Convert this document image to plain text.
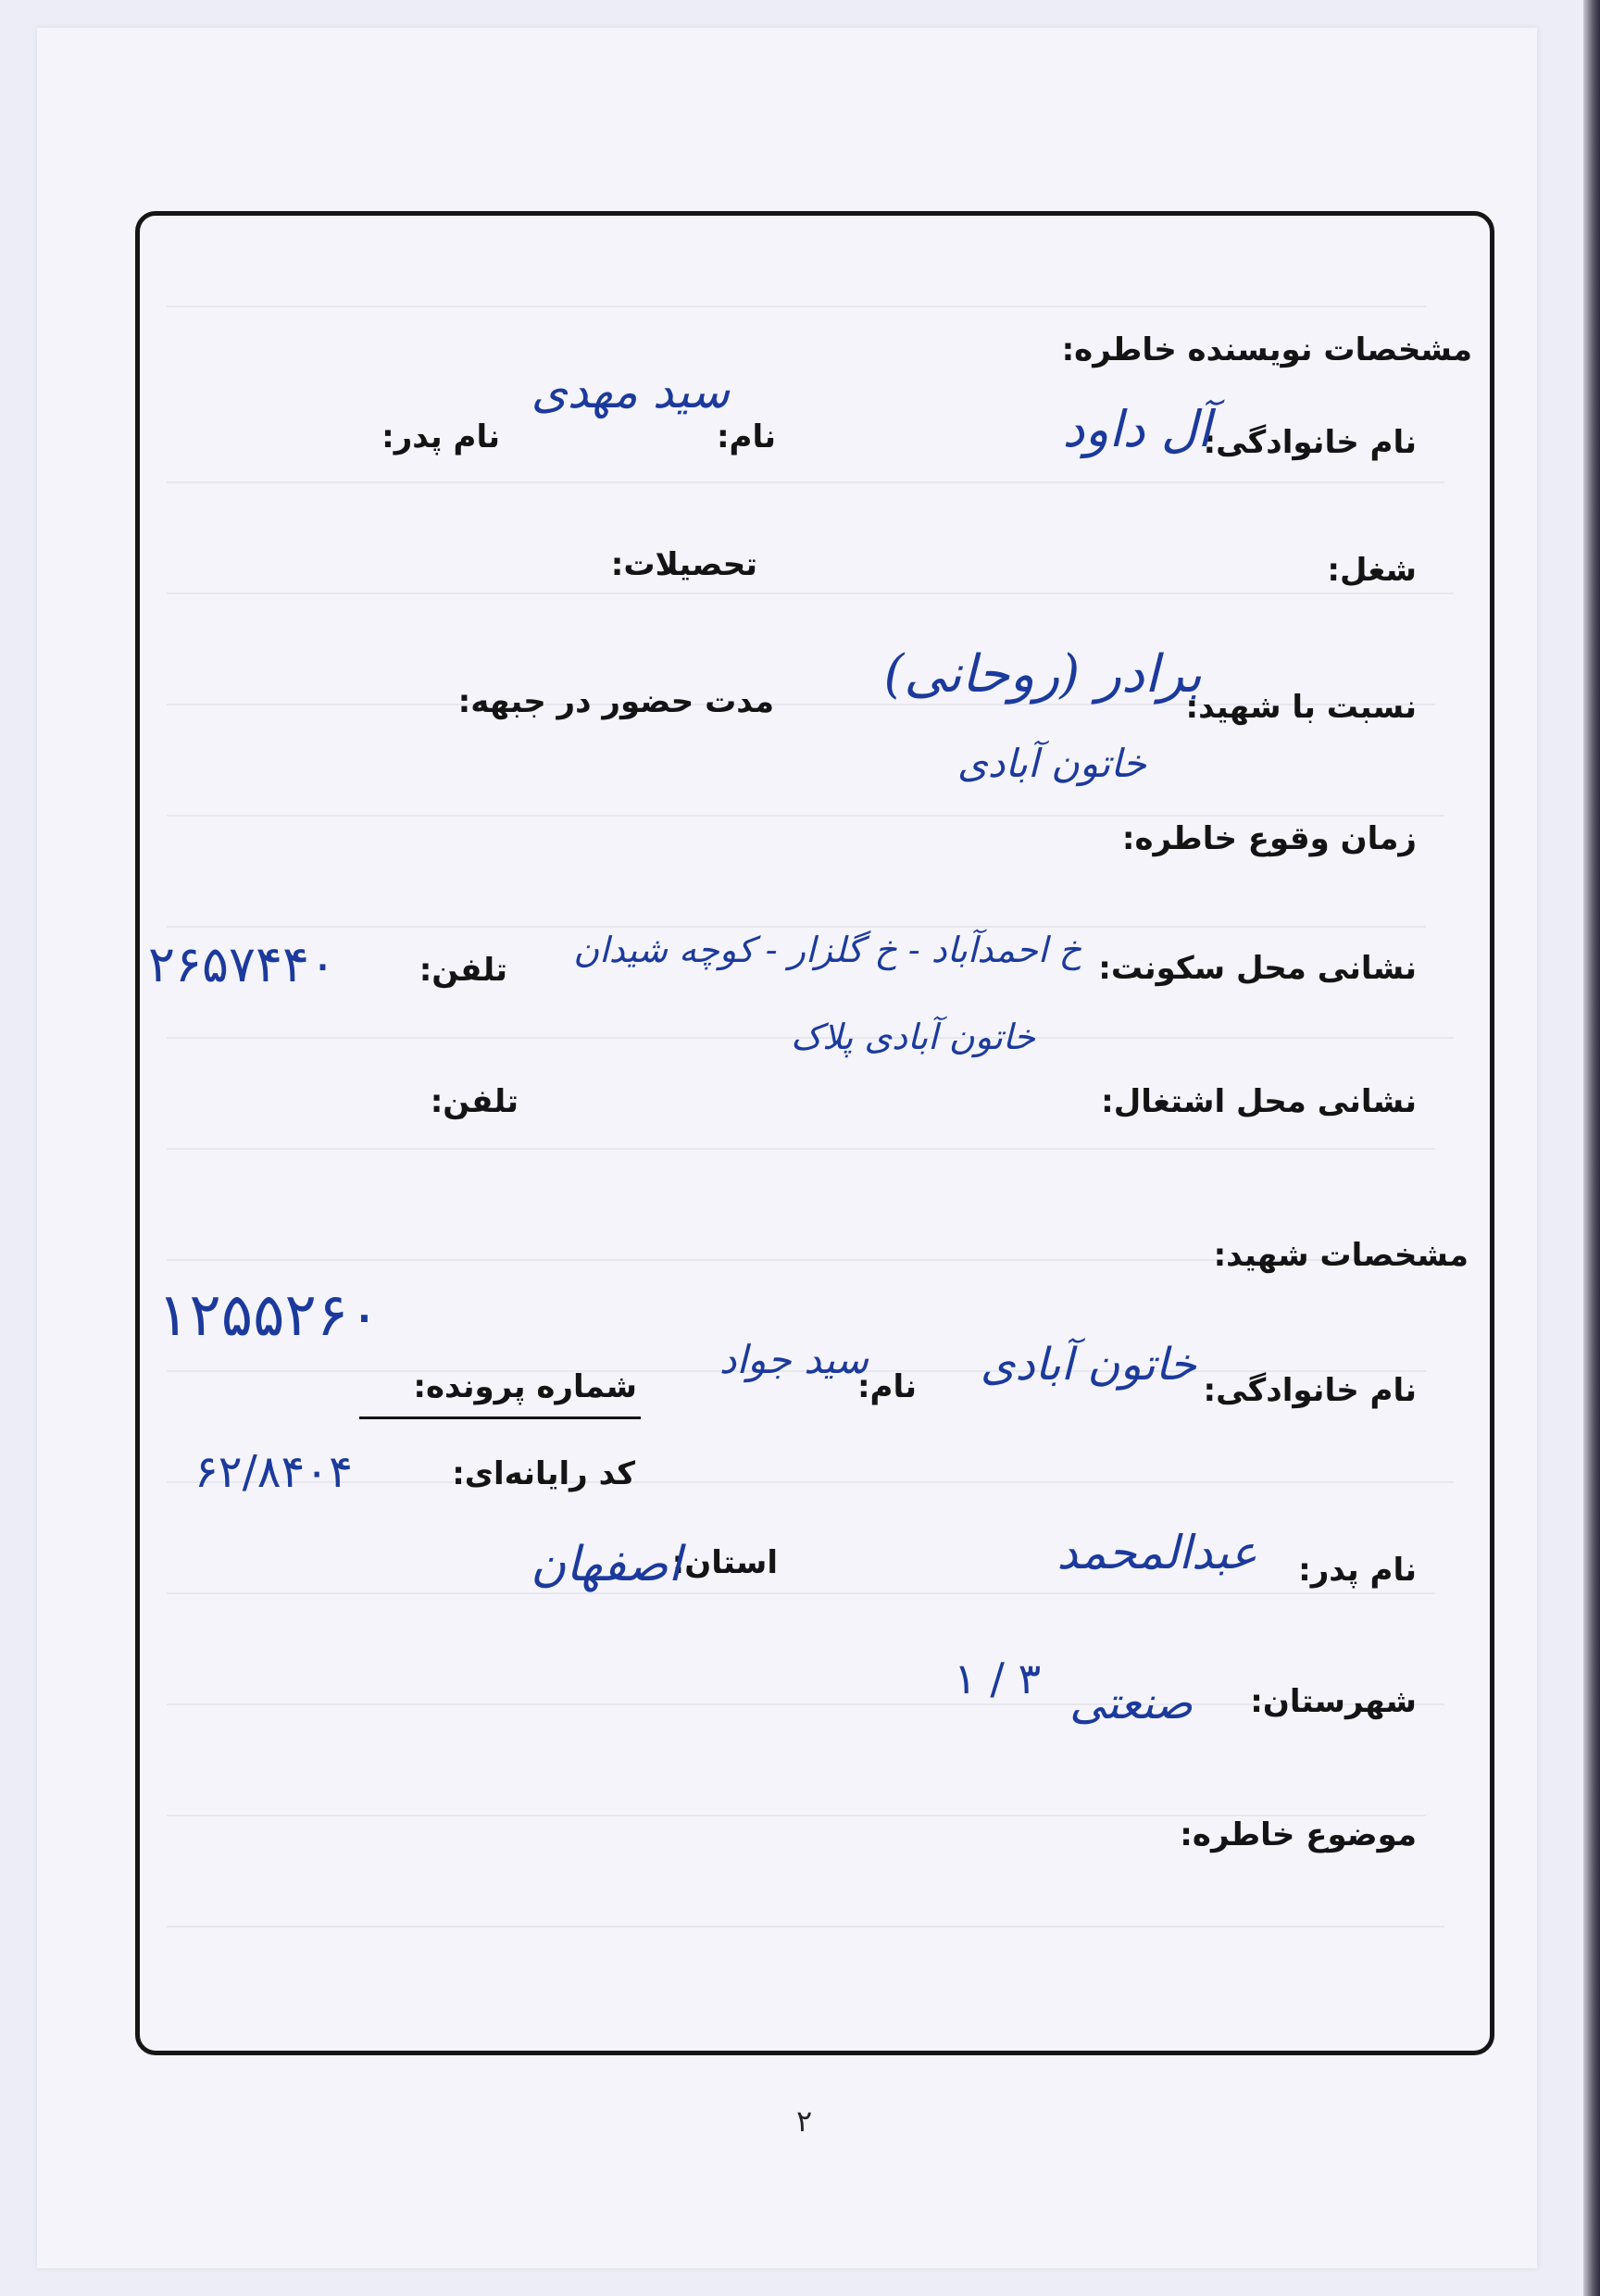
مشخصات نویسنده خاطره:
نام خانوادگی:
آل داود
نام:
سید مهدی
نام پدر:
شغل:
تحصیلات:
نسبت با شهید:
برادر (روحانی)
خاتون آبادی
مدت حضور در جبهه:
زمان وقوع خاطره:
نشانی محل سکونت:
خ احمدآباد - خ گلزار - کوچه شیدان
خاتون آبادی پلاک
تلفن:
۲۶۵۷۴۴۰
نشانی محل اشتغال:
تلفن:
مشخصات شهید:
۱۲۵۵۲۶۰
نام خانوادگی:
خاتون آبادی
نام:
سید جواد
شماره پرونده:
کد رایانه‌ای:
۶۲/۸۴۰۴
نام پدر:
عبدالمحمد
استان:
اصفهان
شهرستان:
صنعتی
۳ / ۱
موضوع خاطره:
۲
